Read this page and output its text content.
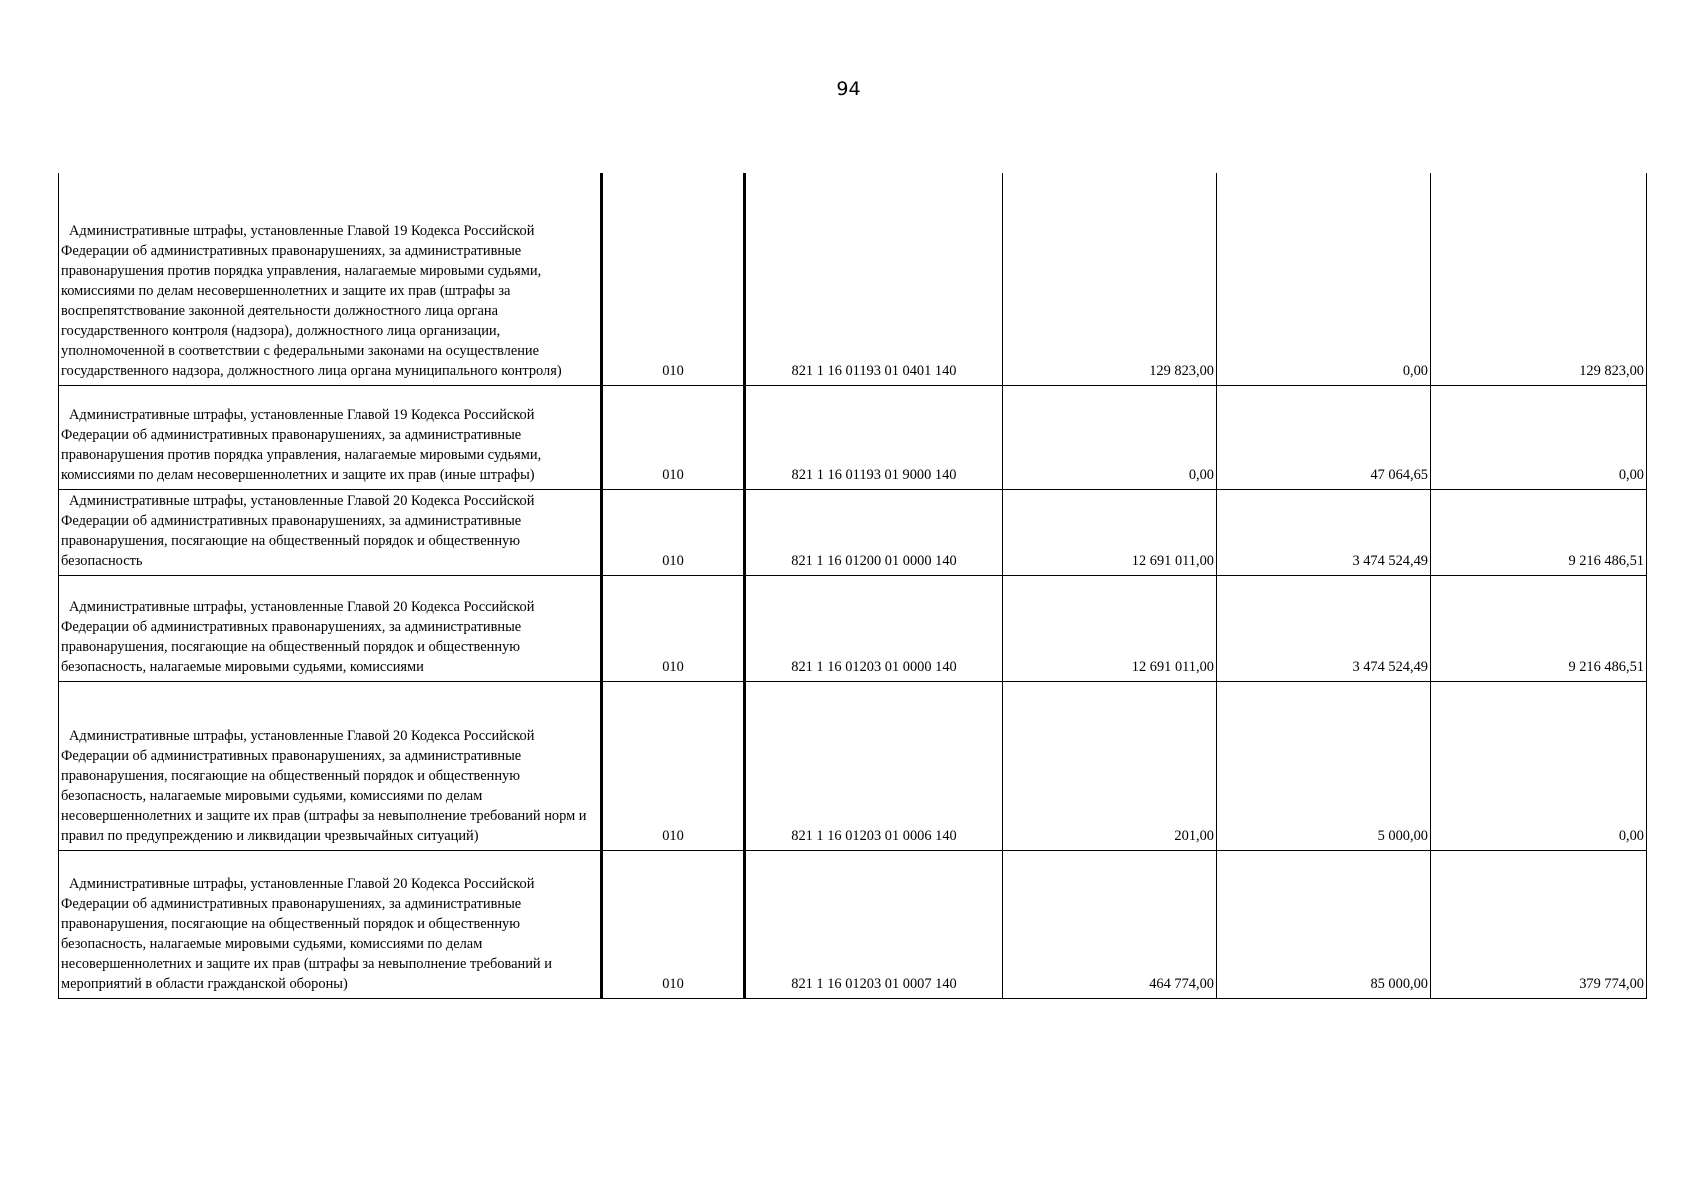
94
Административные штрафы, установленные Главой 19 Кодекса Российской Федерации об административных правонарушениях, за административные правонарушения против порядка управления, налагаемые мировыми судьями, комиссиями по делам несовершеннолетних и защите их прав (штрафы за воспрепятствование законной деятельности должностного лица органа государственного контроля (надзора), должностного лица организации, уполномоченной в соответствии с федеральными законами на осуществление государственного надзора, должностного лица органа муниципального контроля)	010	821 1 16 01193 01 0401 140	129 823,00	0,00	129 823,00
Административные штрафы, установленные Главой 19 Кодекса Российской Федерации об административных правонарушениях, за административные правонарушения против порядка управления, налагаемые мировыми судьями, комиссиями по делам несовершеннолетних и защите их прав (иные штрафы)	010	821 1 16 01193 01 9000 140	0,00	47 064,65	0,00
Административные штрафы, установленные Главой 20 Кодекса Российской Федерации об административных правонарушениях, за административные правонарушения, посягающие на общественный порядок и общественную безопасность	010	821 1 16 01200 01 0000 140	12 691 011,00	3 474 524,49	9 216 486,51
Административные штрафы, установленные Главой 20 Кодекса Российской Федерации об административных правонарушениях, за административные правонарушения, посягающие на общественный порядок и общественную безопасность, налагаемые мировыми судьями, комиссиями	010	821 1 16 01203 01 0000 140	12 691 011,00	3 474 524,49	9 216 486,51
Административные штрафы, установленные Главой 20 Кодекса Российской Федерации об административных правонарушениях, за административные правонарушения, посягающие на общественный порядок и общественную безопасность, налагаемые мировыми судьями, комиссиями по делам несовершеннолетних и защите их прав (штрафы за невыполнение требований норм и правил по предупреждению и ликвидации чрезвычайных ситуаций)	010	821 1 16 01203 01 0006 140	201,00	5 000,00	0,00
Административные штрафы, установленные Главой 20 Кодекса Российской Федерации об административных правонарушениях, за административные правонарушения, посягающие на общественный порядок и общественную безопасность, налагаемые мировыми судьями, комиссиями по делам несовершеннолетних и защите их прав (штрафы за невыполнение требований и мероприятий в области гражданской обороны)	010	821 1 16 01203 01 0007 140	464 774,00	85 000,00	379 774,00
